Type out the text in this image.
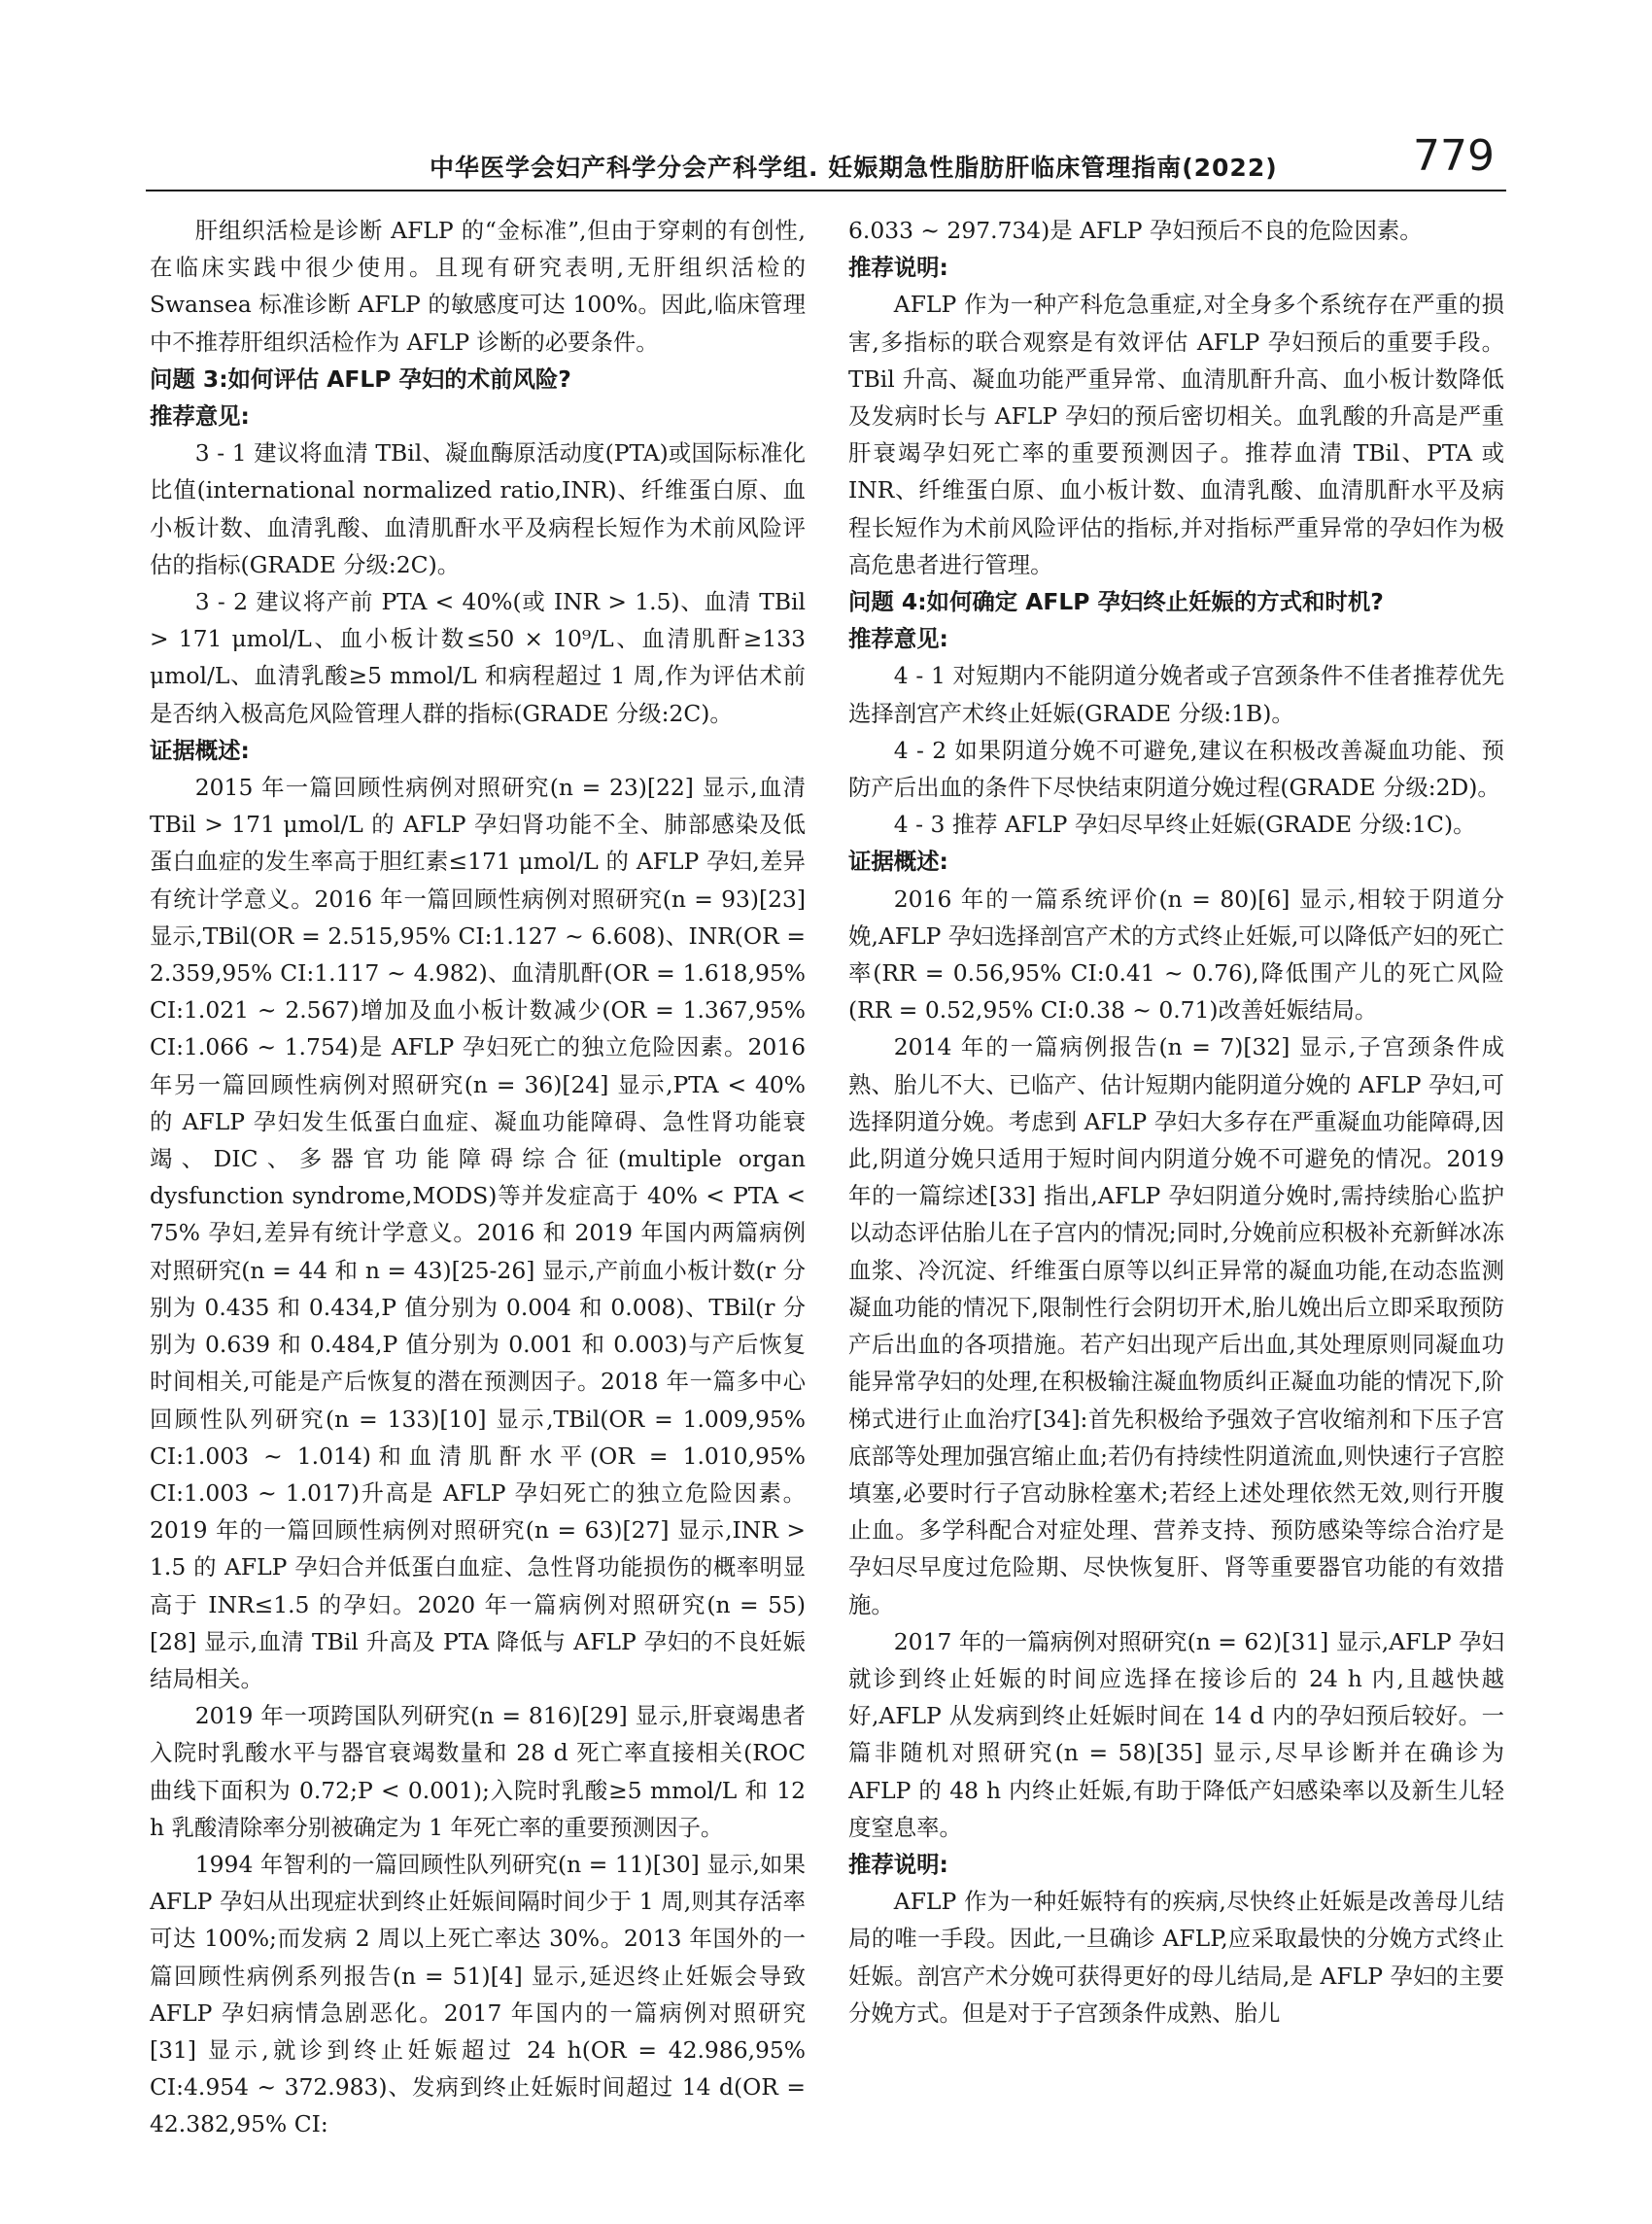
中华医学会妇产科学分会产科学组. 妊娠期急性脂肪肝临床管理指南(2022)	779

肝组织活检是诊断 AFLP 的“金标准”,但由于穿刺的有创性,在临床实践中很少使用。且现有研究表明,无肝组织活检的 Swansea 标准诊断 AFLP 的敏感度可达 100%。因此,临床管理中不推荐肝组织活检作为 AFLP 诊断的必要条件。

问题 3:如何评估 AFLP 孕妇的术前风险?

推荐意见:

3 - 1 建议将血清 TBil、凝血酶原活动度(PTA)或国际标准化比值(international normalized ratio,INR)、纤维蛋白原、血小板计数、血清乳酸、血清肌酐水平及病程长短作为术前风险评估的指标(GRADE 分级:2C)。

3 - 2 建议将产前 PTA < 40%(或 INR > 1.5)、血清 TBil > 171 μmol/L、血小板计数≤50 × 10⁹/L、血清肌酐≥133 μmol/L、血清乳酸≥5 mmol/L 和病程超过 1 周,作为评估术前是否纳入极高危风险管理人群的指标(GRADE 分级:2C)。

证据概述:

2015 年一篇回顾性病例对照研究(n = 23)[22] 显示,血清 TBil > 171 μmol/L 的 AFLP 孕妇肾功能不全、肺部感染及低蛋白血症的发生率高于胆红素≤171 μmol/L 的 AFLP 孕妇,差异有统计学意义。2016 年一篇回顾性病例对照研究(n = 93)[23] 显示,TBil(OR = 2.515,95% CI:1.127 ~ 6.608)、INR(OR = 2.359,95% CI:1.117 ~ 4.982)、血清肌酐(OR = 1.618,95% CI:1.021 ~ 2.567)增加及血小板计数减少(OR = 1.367,95% CI:1.066 ~ 1.754)是 AFLP 孕妇死亡的独立危险因素。2016 年另一篇回顾性病例对照研究(n = 36)[24] 显示,PTA < 40% 的 AFLP 孕妇发生低蛋白血症、凝血功能障碍、急性肾功能衰竭、DIC、多器官功能障碍综合征(multiple organ dysfunction syndrome,MODS)等并发症高于 40% < PTA < 75% 孕妇,差异有统计学意义。2016 和 2019 年国内两篇病例对照研究(n = 44 和 n = 43)[25-26] 显示,产前血小板计数(r 分别为 0.435 和 0.434,P 值分别为 0.004 和 0.008)、TBil(r 分别为 0.639 和 0.484,P 值分别为 0.001 和 0.003)与产后恢复时间相关,可能是产后恢复的潜在预测因子。2018 年一篇多中心回顾性队列研究(n = 133)[10] 显示,TBil(OR = 1.009,95% CI:1.003 ~ 1.014)和血清肌酐水平(OR = 1.010,95% CI:1.003 ~ 1.017)升高是 AFLP 孕妇死亡的独立危险因素。2019 年的一篇回顾性病例对照研究(n = 63)[27] 显示,INR > 1.5 的 AFLP 孕妇合并低蛋白血症、急性肾功能损伤的概率明显高于 INR≤1.5 的孕妇。2020 年一篇病例对照研究(n = 55)[28] 显示,血清 TBil 升高及 PTA 降低与 AFLP 孕妇的不良妊娠结局相关。

2019 年一项跨国队列研究(n = 816)[29] 显示,肝衰竭患者入院时乳酸水平与器官衰竭数量和 28 d 死亡率直接相关(ROC 曲线下面积为 0.72;P < 0.001);入院时乳酸≥5 mmol/L 和 12 h 乳酸清除率分别被确定为 1 年死亡率的重要预测因子。

1994 年智利的一篇回顾性队列研究(n = 11)[30] 显示,如果 AFLP 孕妇从出现症状到终止妊娠间隔时间少于 1 周,则其存活率可达 100%;而发病 2 周以上死亡率达 30%。2013 年国外的一篇回顾性病例系列报告(n = 51)[4] 显示,延迟终止妊娠会导致 AFLP 孕妇病情急剧恶化。2017 年国内的一篇病例对照研究[31] 显示,就诊到终止妊娠超过 24 h(OR = 42.986,95% CI:4.954 ~ 372.983)、发病到终止妊娠时间超过 14 d(OR = 42.382,95% CI:

6.033 ~ 297.734)是 AFLP 孕妇预后不良的危险因素。

推荐说明:

AFLP 作为一种产科危急重症,对全身多个系统存在严重的损害,多指标的联合观察是有效评估 AFLP 孕妇预后的重要手段。TBil 升高、凝血功能严重异常、血清肌酐升高、血小板计数降低及发病时长与 AFLP 孕妇的预后密切相关。血乳酸的升高是严重肝衰竭孕妇死亡率的重要预测因子。推荐血清 TBil、PTA 或 INR、纤维蛋白原、血小板计数、血清乳酸、血清肌酐水平及病程长短作为术前风险评估的指标,并对指标严重异常的孕妇作为极高危患者进行管理。

问题 4:如何确定 AFLP 孕妇终止妊娠的方式和时机?

推荐意见:

4 - 1 对短期内不能阴道分娩者或子宫颈条件不佳者推荐优先选择剖宫产术终止妊娠(GRADE 分级:1B)。

4 - 2 如果阴道分娩不可避免,建议在积极改善凝血功能、预防产后出血的条件下尽快结束阴道分娩过程(GRADE 分级:2D)。

4 - 3 推荐 AFLP 孕妇尽早终止妊娠(GRADE 分级:1C)。

证据概述:

2016 年的一篇系统评价(n = 80)[6] 显示,相较于阴道分娩,AFLP 孕妇选择剖宫产术的方式终止妊娠,可以降低产妇的死亡率(RR = 0.56,95% CI:0.41 ~ 0.76),降低围产儿的死亡风险(RR = 0.52,95% CI:0.38 ~ 0.71)改善妊娠结局。

2014 年的一篇病例报告(n = 7)[32] 显示,子宫颈条件成熟、胎儿不大、已临产、估计短期内能阴道分娩的 AFLP 孕妇,可选择阴道分娩。考虑到 AFLP 孕妇大多存在严重凝血功能障碍,因此,阴道分娩只适用于短时间内阴道分娩不可避免的情况。2019 年的一篇综述[33] 指出,AFLP 孕妇阴道分娩时,需持续胎心监护以动态评估胎儿在子宫内的情况;同时,分娩前应积极补充新鲜冰冻血浆、冷沉淀、纤维蛋白原等以纠正异常的凝血功能,在动态监测凝血功能的情况下,限制性行会阴切开术,胎儿娩出后立即采取预防产后出血的各项措施。若产妇出现产后出血,其处理原则同凝血功能异常孕妇的处理,在积极输注凝血物质纠正凝血功能的情况下,阶梯式进行止血治疗[34]:首先积极给予强效子宫收缩剂和下压子宫底部等处理加强宫缩止血;若仍有持续性阴道流血,则快速行子宫腔填塞,必要时行子宫动脉栓塞术;若经上述处理依然无效,则行开腹止血。多学科配合对症处理、营养支持、预防感染等综合治疗是孕妇尽早度过危险期、尽快恢复肝、肾等重要器官功能的有效措施。

2017 年的一篇病例对照研究(n = 62)[31] 显示,AFLP 孕妇就诊到终止妊娠的时间应选择在接诊后的 24 h 内,且越快越好,AFLP 从发病到终止妊娠时间在 14 d 内的孕妇预后较好。一篇非随机对照研究(n = 58)[35] 显示,尽早诊断并在确诊为 AFLP 的 48 h 内终止妊娠,有助于降低产妇感染率以及新生儿轻度窒息率。

推荐说明:

AFLP 作为一种妊娠特有的疾病,尽快终止妊娠是改善母儿结局的唯一手段。因此,一旦确诊 AFLP,应采取最快的分娩方式终止妊娠。剖宫产术分娩可获得更好的母儿结局,是 AFLP 孕妇的主要分娩方式。但是对于子宫颈条件成熟、胎儿
